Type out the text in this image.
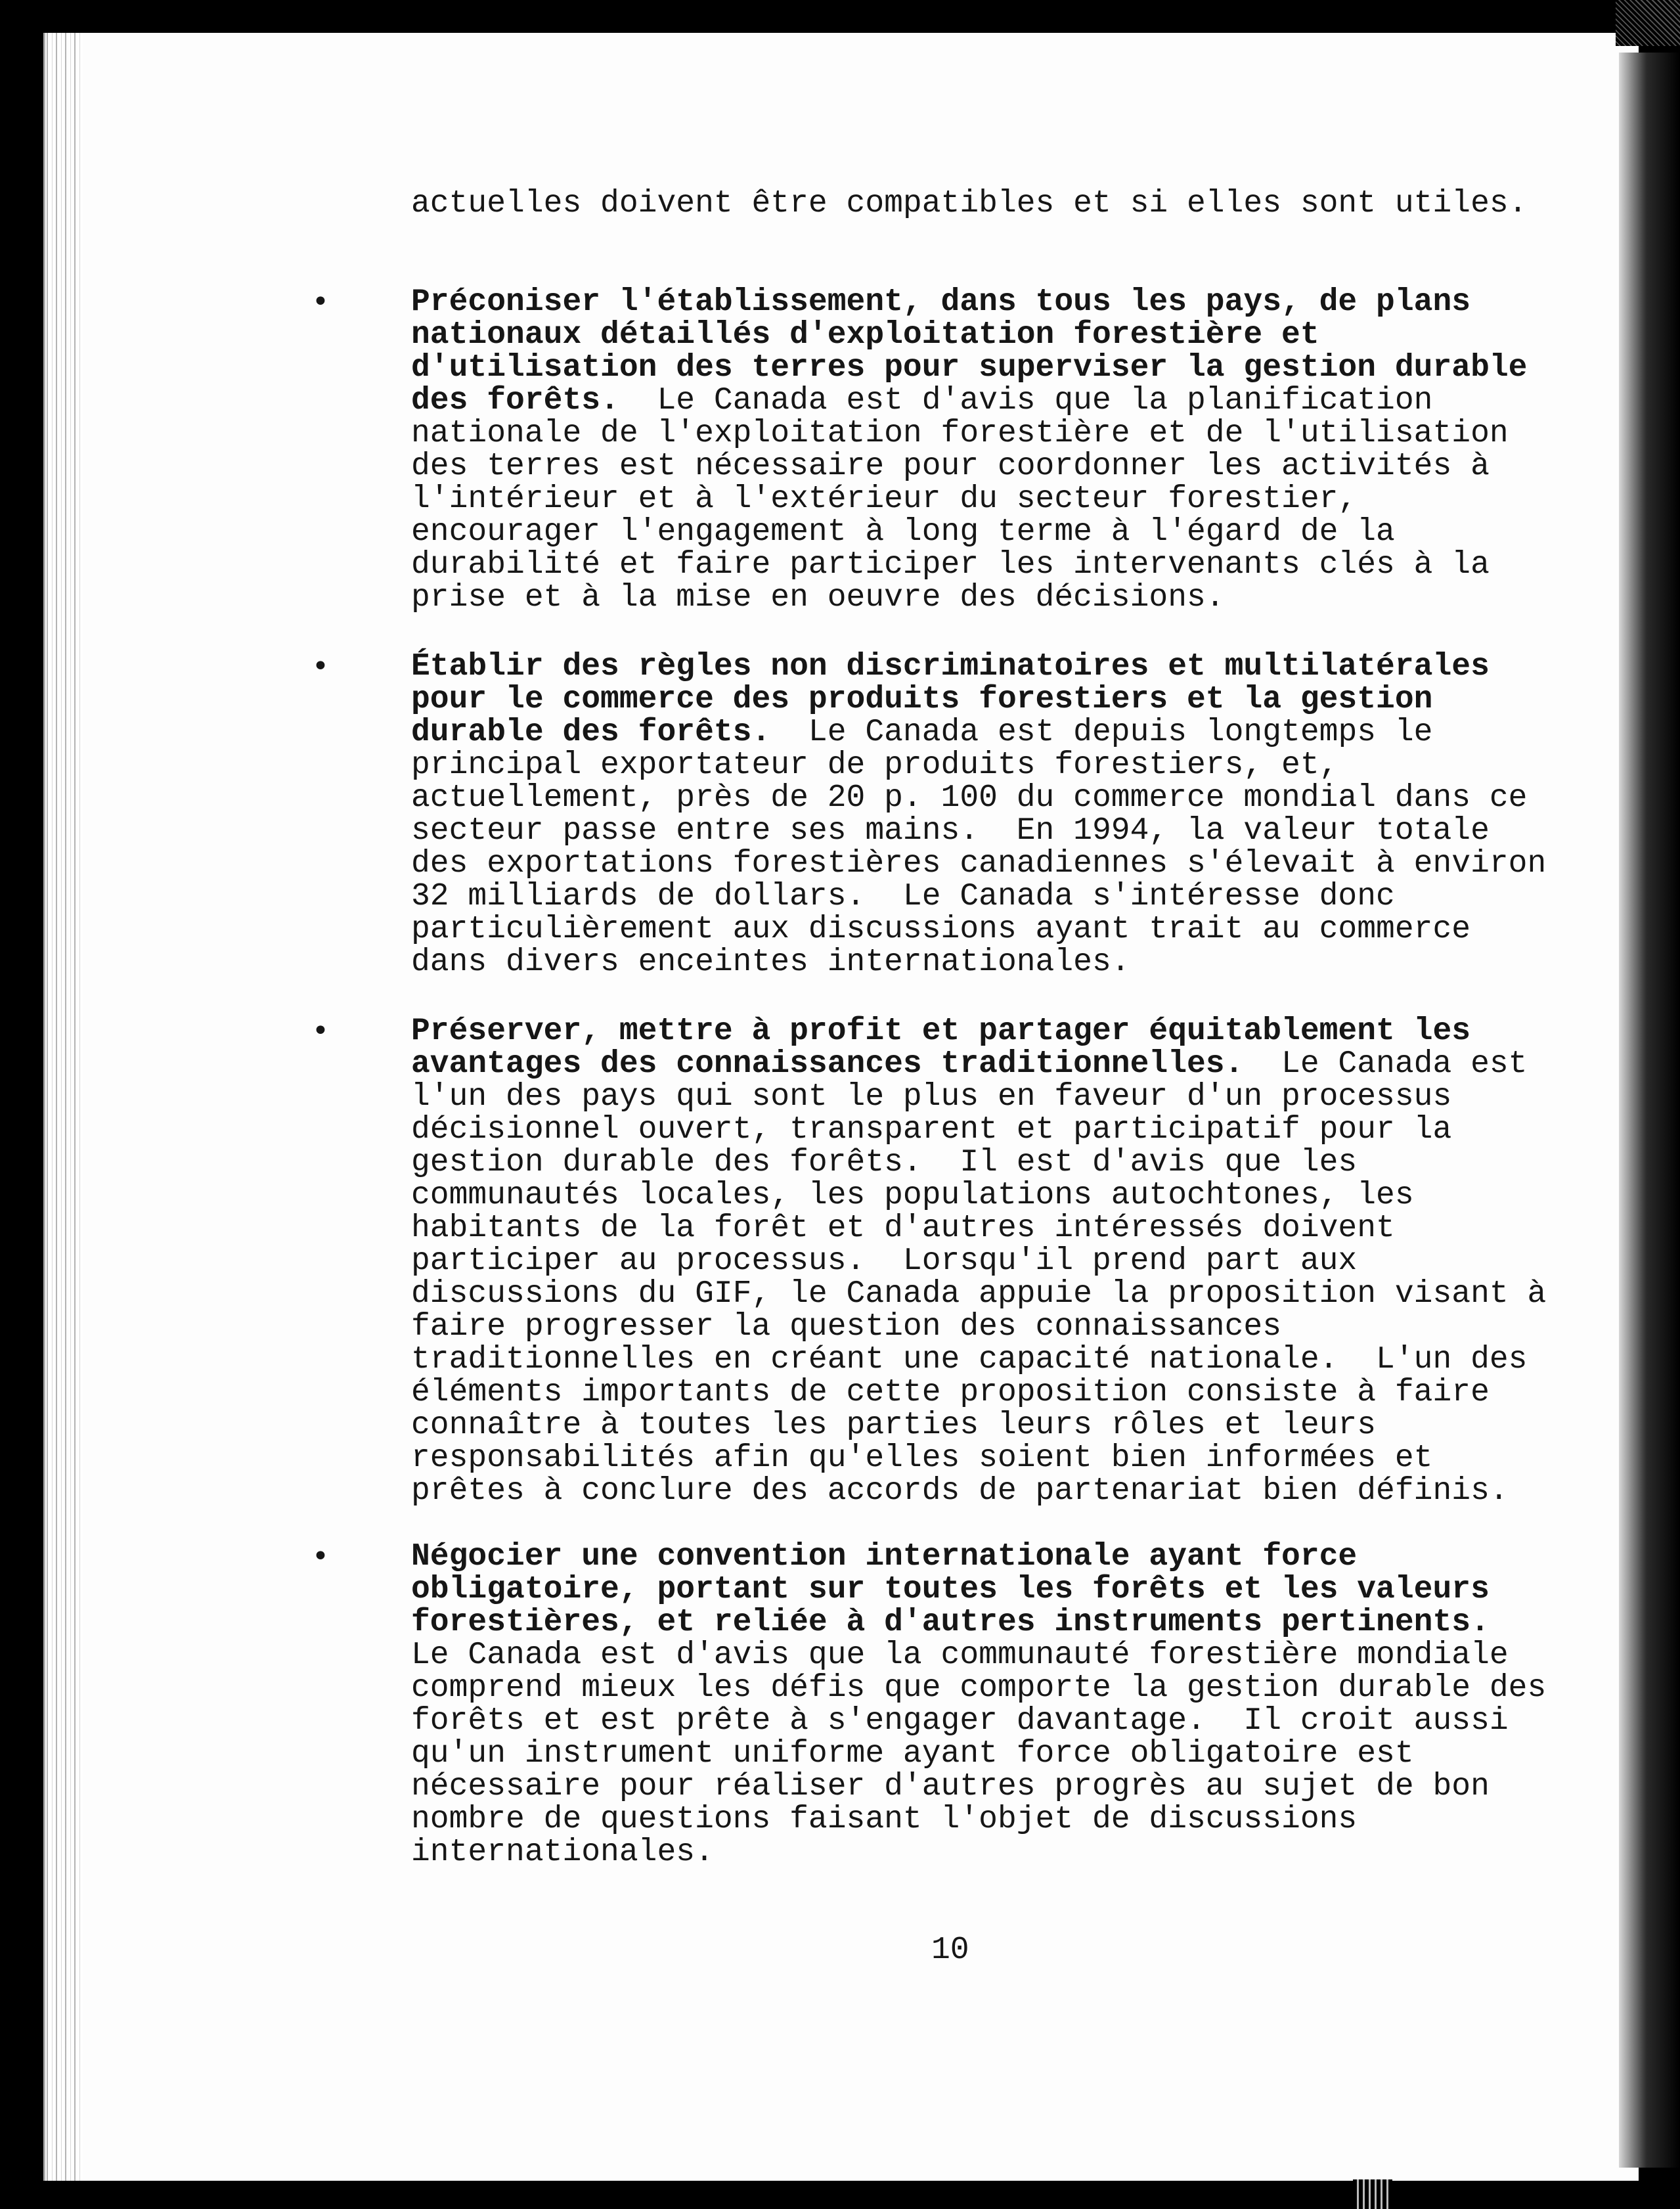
actuelles doivent être compatibles et si elles sont utiles.
•	Préconiser l'établissement, dans tous les pays, de plans
nationaux détaillés d'exploitation forestière et
d'utilisation des terres pour superviser la gestion durable
des forêts.  Le Canada est d'avis que la planification
nationale de l'exploitation forestière et de l'utilisation
des terres est nécessaire pour coordonner les activités à
l'intérieur et à l'extérieur du secteur forestier,
encourager l'engagement à long terme à l'égard de la
durabilité et faire participer les intervenants clés à la
prise et à la mise en oeuvre des décisions.
•	Établir des règles non discriminatoires et multilatérales
pour le commerce des produits forestiers et la gestion
durable des forêts.  Le Canada est depuis longtemps le
principal exportateur de produits forestiers, et,
actuellement, près de 20 p. 100 du commerce mondial dans ce
secteur passe entre ses mains.  En 1994, la valeur totale
des exportations forestières canadiennes s'élevait à environ
32 milliards de dollars.  Le Canada s'intéresse donc
particulièrement aux discussions ayant trait au commerce
dans divers enceintes internationales.
•	Préserver, mettre à profit et partager équitablement les
avantages des connaissances traditionnelles.  Le Canada est
l'un des pays qui sont le plus en faveur d'un processus
décisionnel ouvert, transparent et participatif pour la
gestion durable des forêts.  Il est d'avis que les
communautés locales, les populations autochtones, les
habitants de la forêt et d'autres intéressés doivent
participer au processus.  Lorsqu'il prend part aux
discussions du GIF, le Canada appuie la proposition visant à
faire progresser la question des connaissances
traditionnelles en créant une capacité nationale.  L'un des
éléments importants de cette proposition consiste à faire
connaître à toutes les parties leurs rôles et leurs
responsabilités afin qu'elles soient bien informées et
prêtes à conclure des accords de partenariat bien définis.
•	Négocier une convention internationale ayant force
obligatoire, portant sur toutes les forêts et les valeurs
forestières, et reliée à d'autres instruments pertinents.
Le Canada est d'avis que la communauté forestière mondiale
comprend mieux les défis que comporte la gestion durable des
forêts et est prête à s'engager davantage.  Il croit aussi
qu'un instrument uniforme ayant force obligatoire est
nécessaire pour réaliser d'autres progrès au sujet de bon
nombre de questions faisant l'objet de discussions
internationales.
10
